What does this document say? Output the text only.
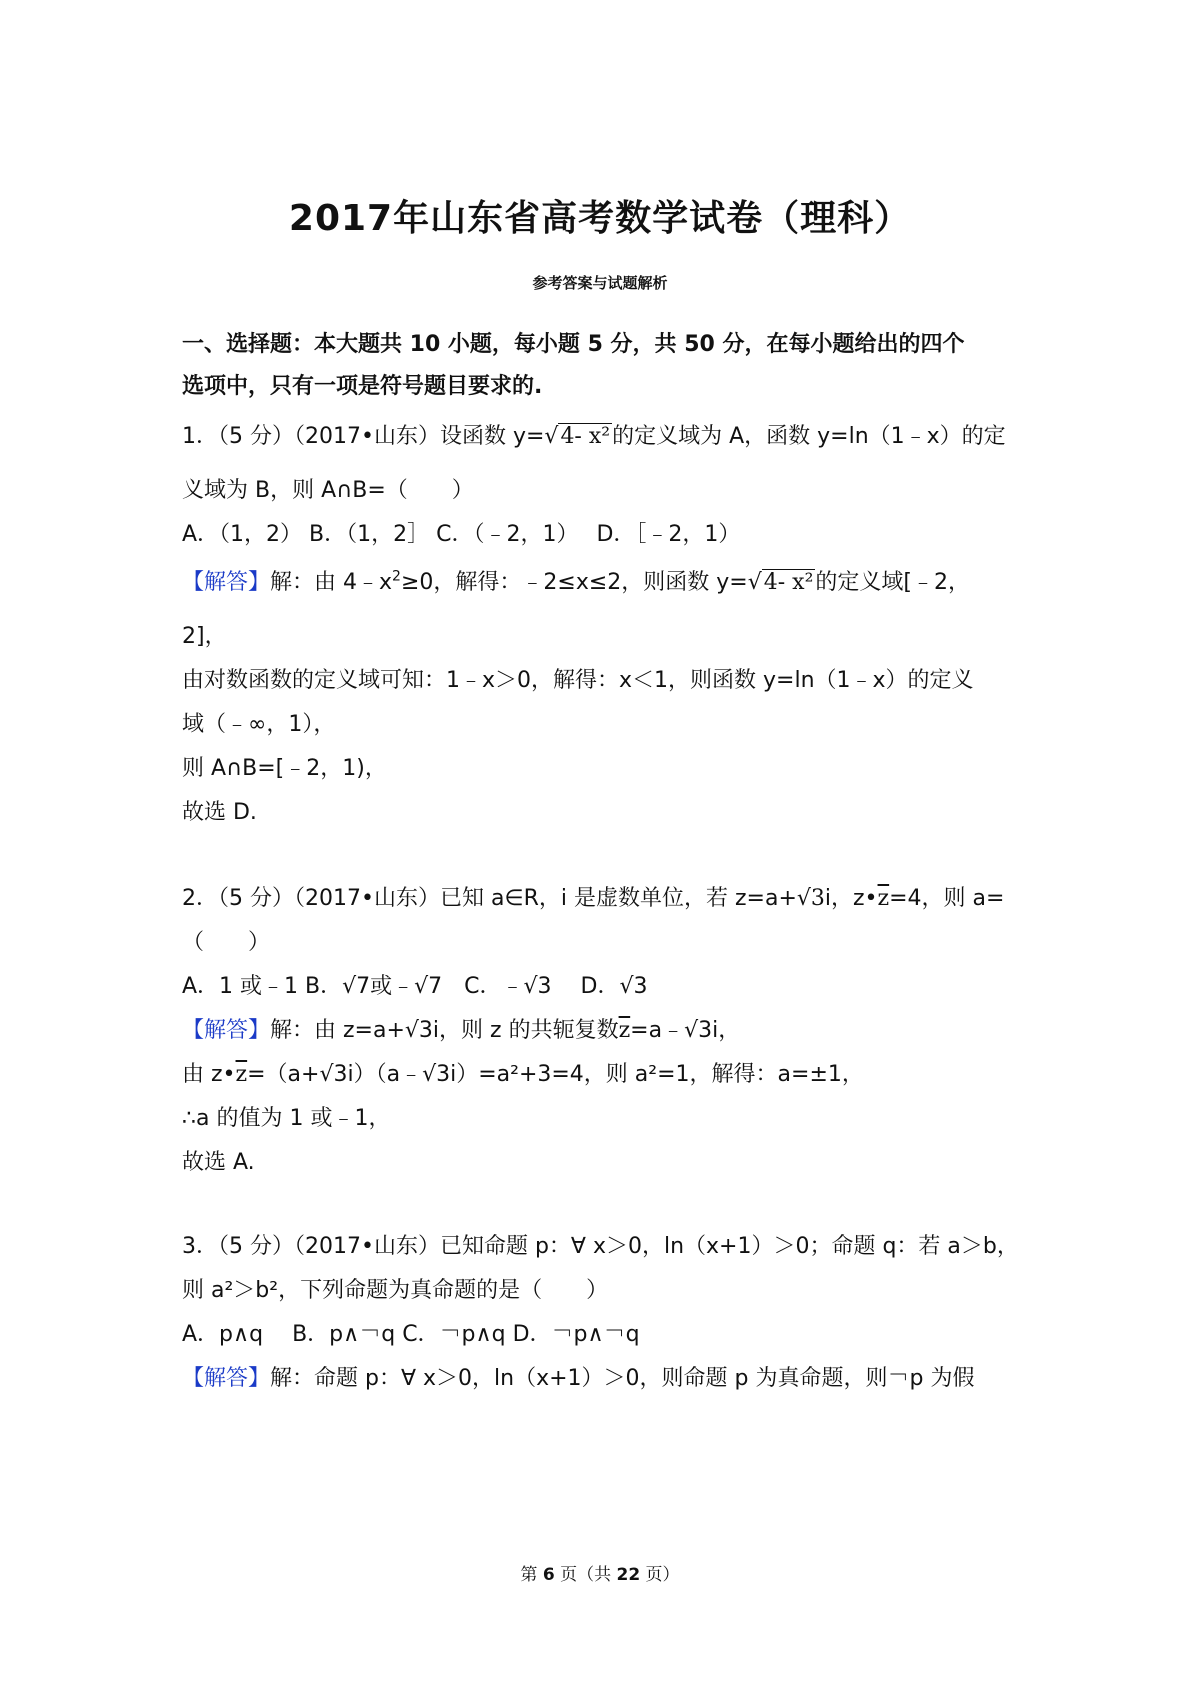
2017年山东省高考数学试卷（理科）
参考答案与试题解析
一、选择题：本大题共 10 小题，每小题 5 分，共 50 分，在每小题给出的四个
选项中，只有一项是符号题目要求的.
1．（5 分）（2017•山东）设函数 y=√4- x²的定义域为 A，函数 y=ln（1﹣x）的定
义域为 B，则 A∩B=（　　）
A．（1，2） B．（1，2］ C．（﹣2，1）　 D．［﹣2，1）
【解答】解：由 $4﹣x^2\ge 0$，解得：﹣2≤x≤2，则函数 y=√4- x²的定义域[﹣2，
2]，
由对数函数的定义域可知：1﹣x＞0，解得：x＜1，则函数 y=ln（1﹣x）的定义
域（﹣∞，1），
则 A∩B=[﹣2，1)，
故选 D.
2．（5 分）（2017•山东）已知 a∈R，i 是虚数单位，若 z=a+√3i，$z•\overline{z}=4$，则 a=
（　　）
A．1 或﹣1 B．√7或﹣√7　C．﹣√3　 D．√3
【解答】解：由 z=a+√3i，则 z 的共轭复数$\overline{z}=a﹣√3i$，
由 $z•\overline{z}=(a+√3i)(a﹣√3i)=a^2+3=4$，则 a²=1，解得：a=±1，
∴a 的值为 1 或﹣1，
故选 A.
3．（5 分）（2017•山东）已知命题 p：∀ x＞0，ln（x+1）＞0；命题 q：若 a＞b，
则 a²＞b²，下列命题为真命题的是（　　）
A．p∧q　 B．p∧￢q C．￢p∧q D．￢p∧￢q
【解答】解：命题 p：∀ x＞0，ln（x+1）＞0，则命题 p 为真命题，则￢p 为假
第 6 页（共 22 页）
